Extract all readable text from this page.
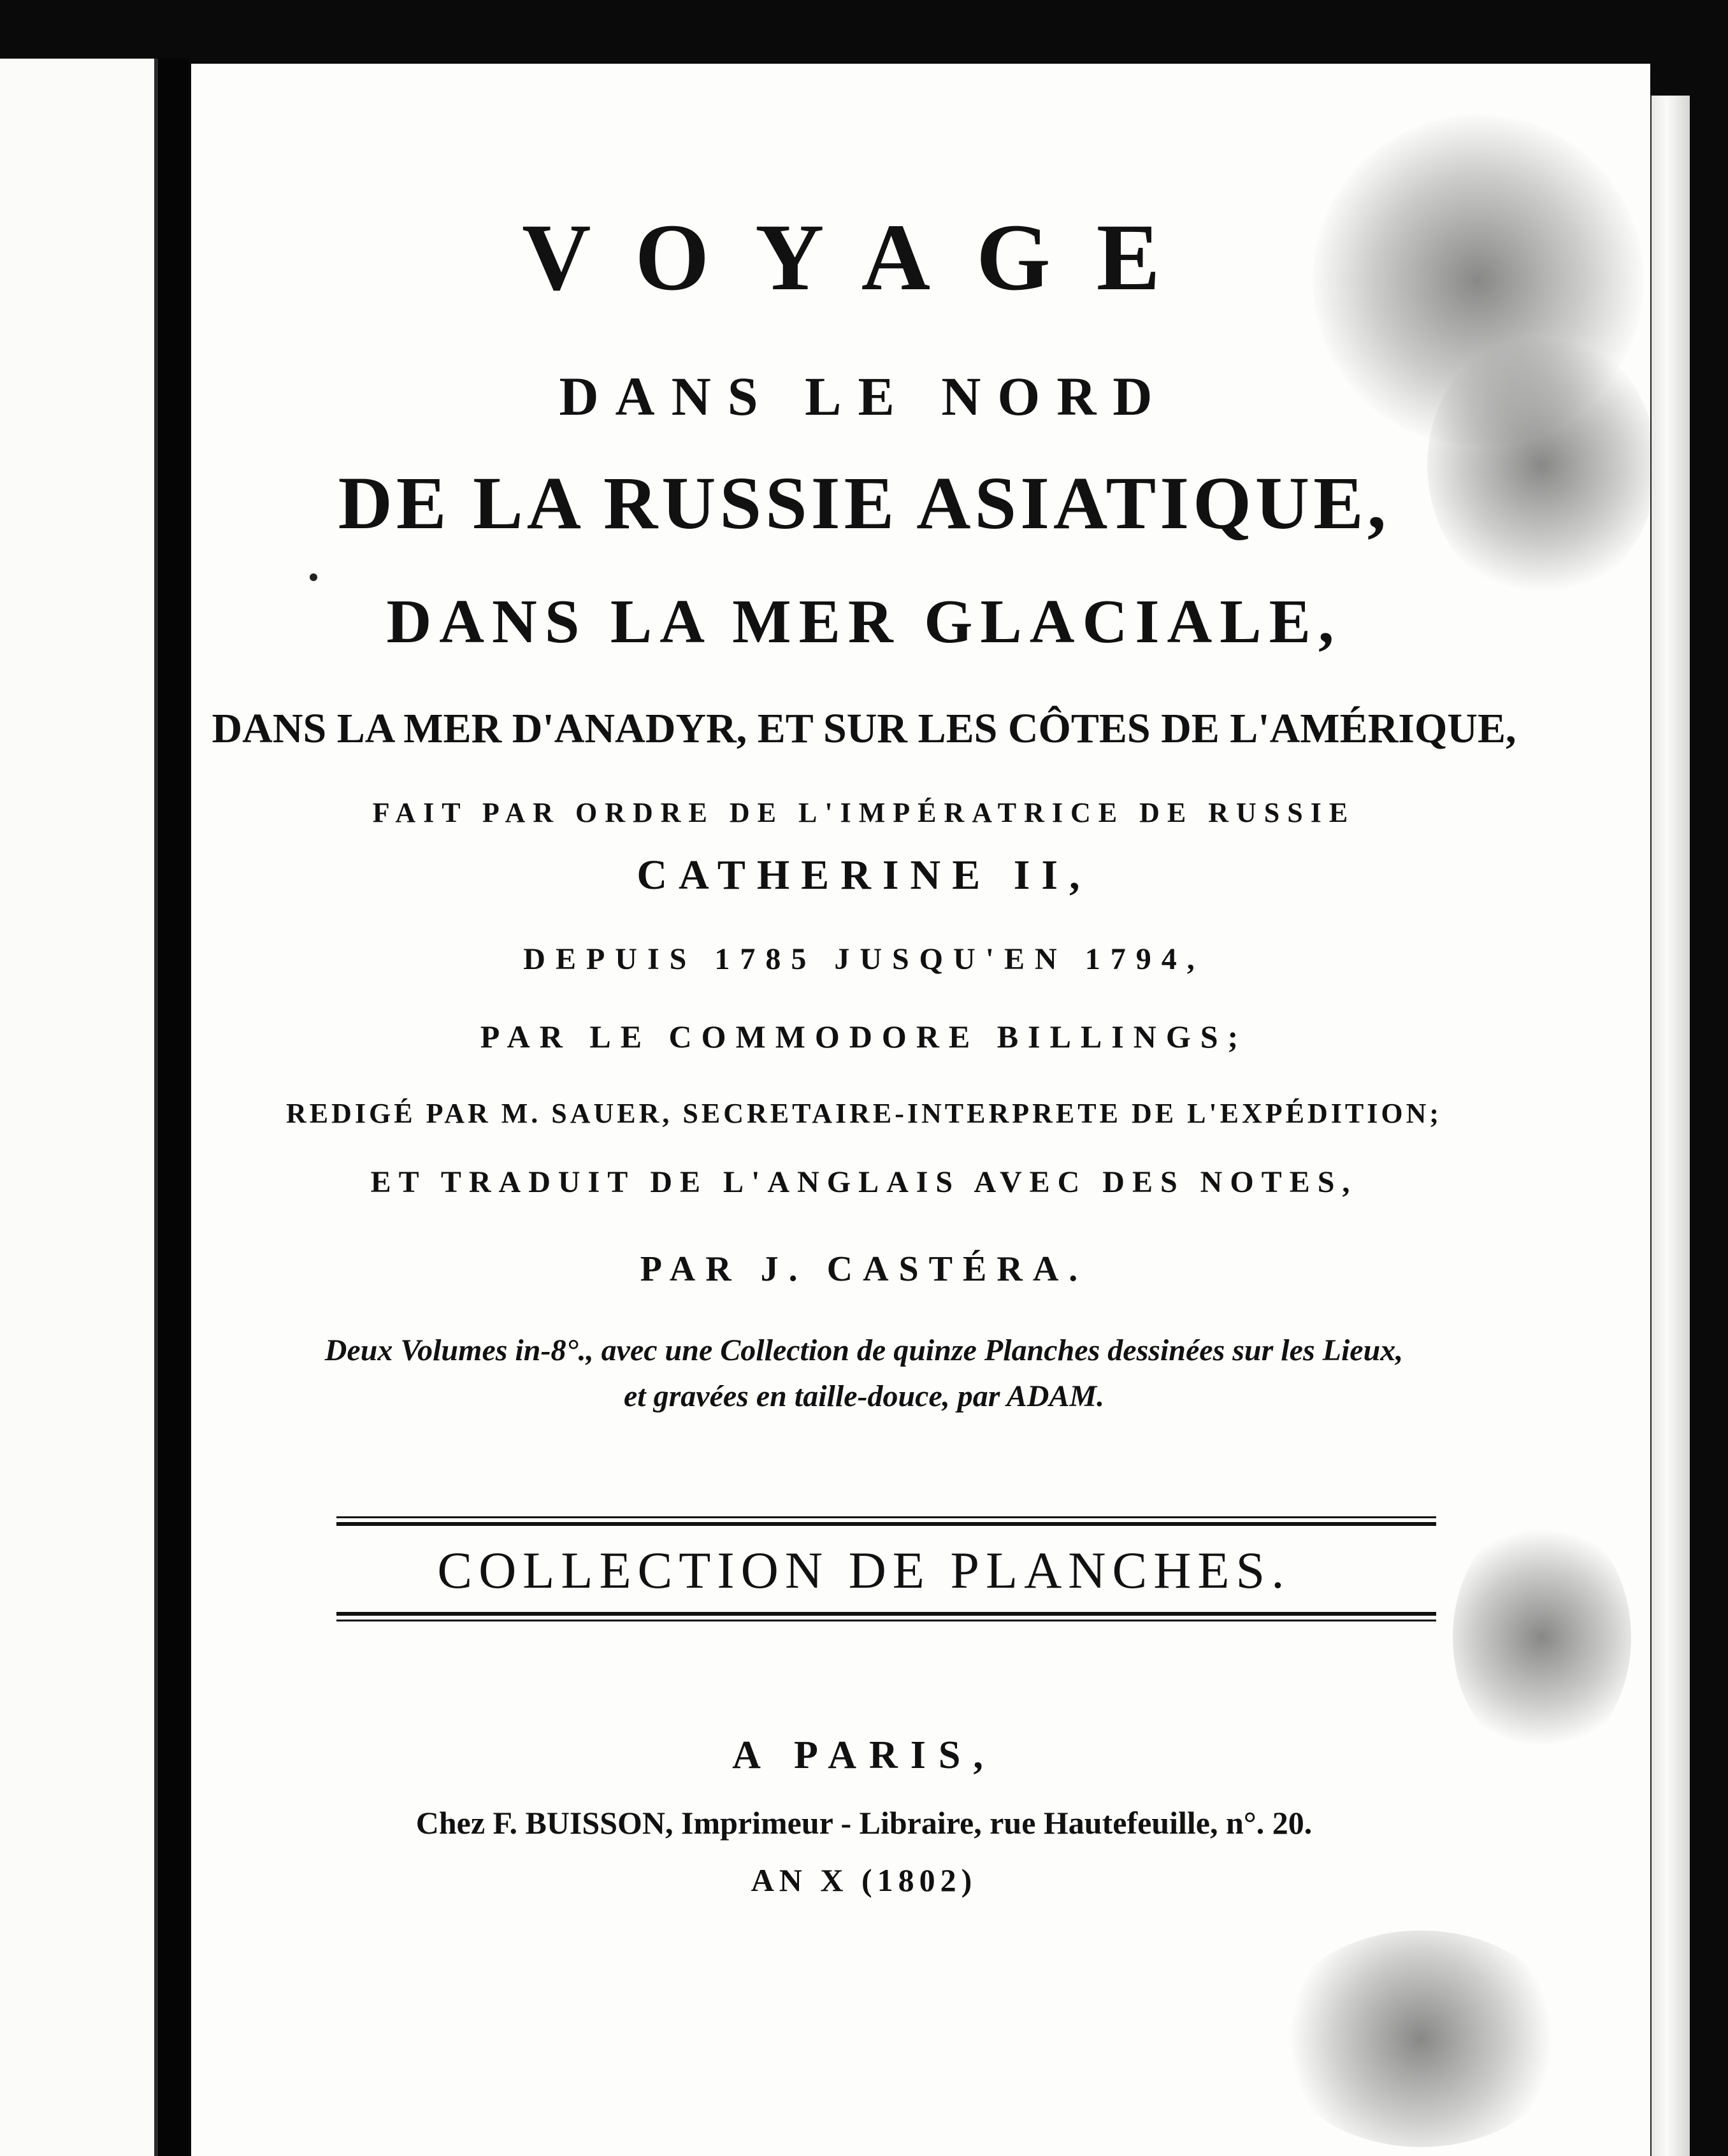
VOYAGE
DANS LE NORD
DE LA RUSSIE ASIATIQUE,
DANS LA MER GLACIALE,
DANS LA MER D'ANADYR, ET SUR LES CÔTES DE L'AMÉRIQUE,
FAIT PAR ORDRE DE L'IMPÉRATRICE DE RUSSIE
CATHERINE II,
DEPUIS 1785 JUSQU'EN 1794,
PAR LE COMMODORE BILLINGS;
REDIGÉ PAR M. SAUER, SECRETAIRE-INTERPRETE DE L'EXPÉDITION;
ET TRADUIT DE L'ANGLAIS AVEC DES NOTES,
PAR J. CASTÉRA.
Deux Volumes in-8°., avec une Collection de quinze Planches dessinées sur les Lieux,
et gravées en taille-douce, par ADAM.
COLLECTION DE PLANCHES.
A PARIS,
Chez F. BUISSON, Imprimeur - Libraire, rue Hautefeuille, n°. 20.
AN X (1802)
